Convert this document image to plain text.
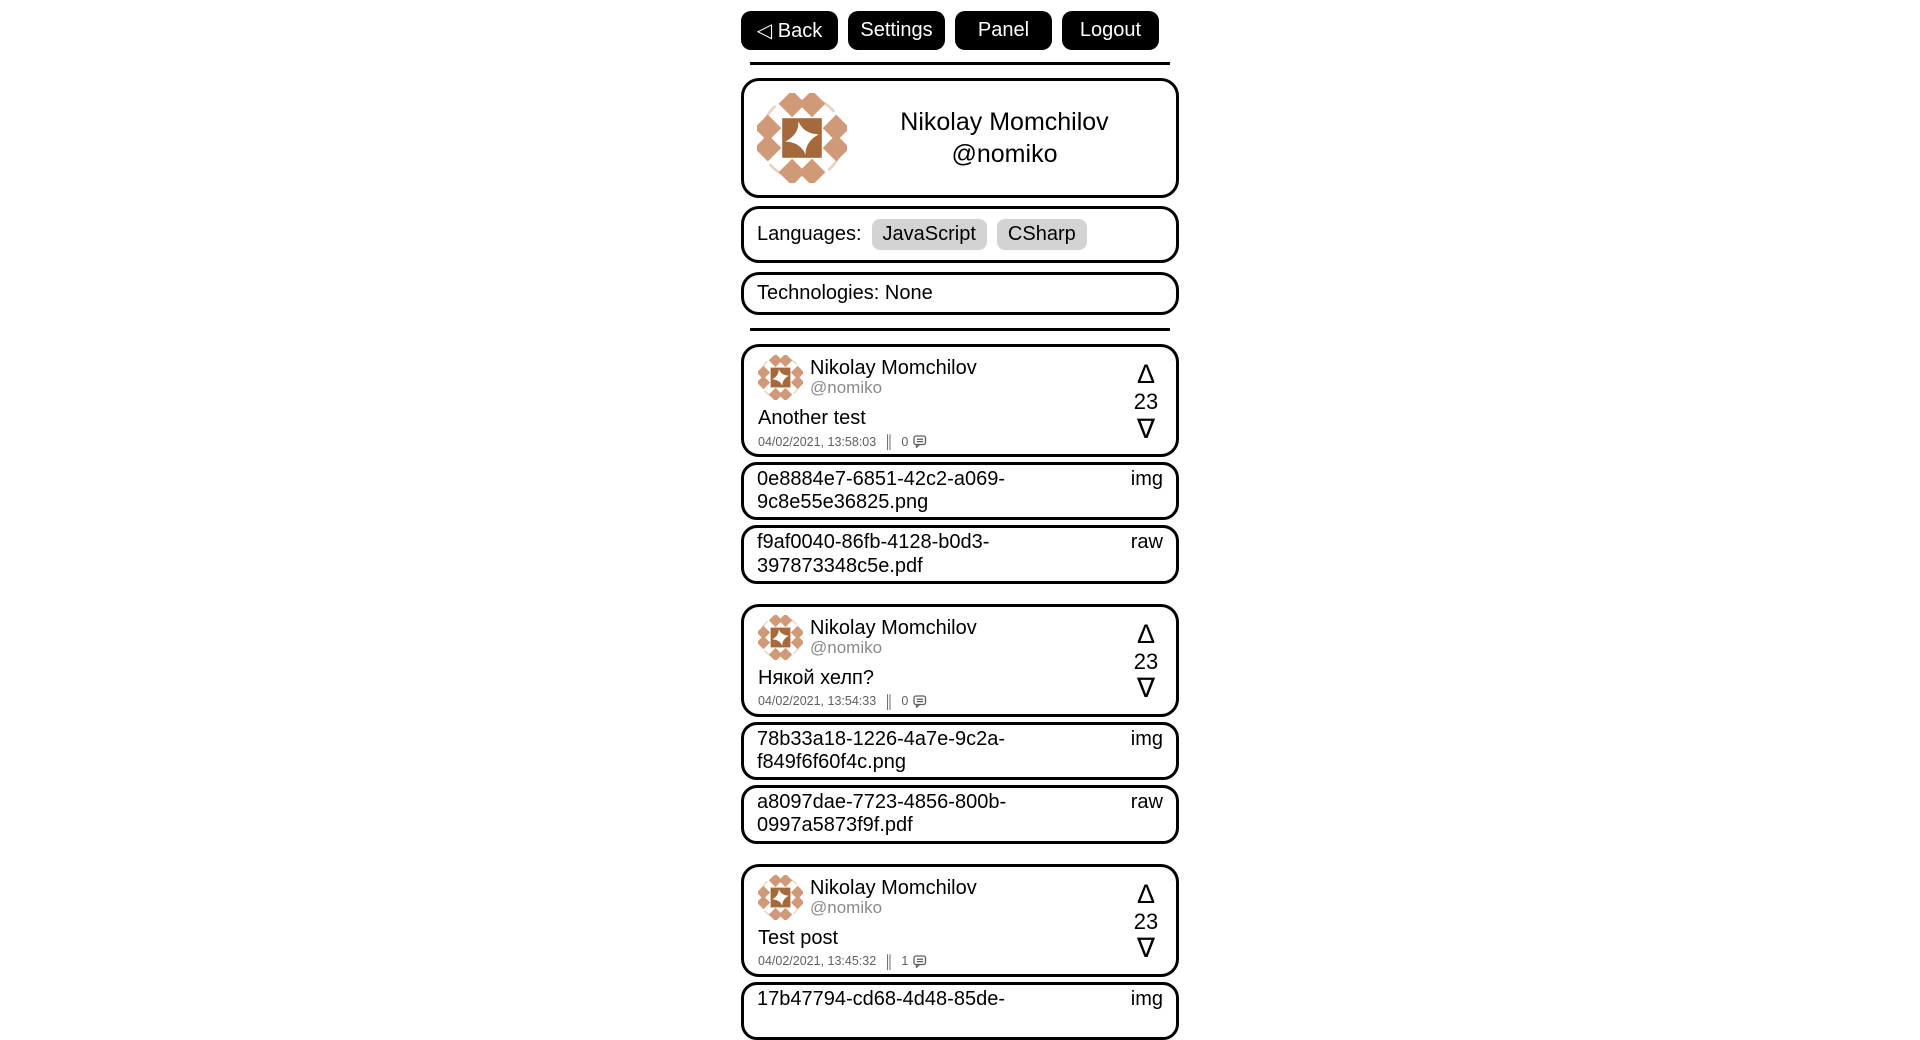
◁ Back	Settings	Panel	Logout
Nikolay Momchilov
@nomiko
Languages:	JavaScript	CSharp
Technologies:
None
Nikolay Momchilov
@nomiko
Another test
04/02/2021, 13:58:03 ║ 0
Δ
23
∇
0e8884e7-6851-42c2-a069-9c8e55e36825.png
img
f9af0040-86fb-4128-b0d3-397873348c5e.pdf
raw
Nikolay Momchilov
@nomiko
Някой хелп?
04/02/2021, 13:54:33 ║ 0
Δ
23
∇
78b33a18-1226-4a7e-9c2a-f849f6f60f4c.png
img
a8097dae-7723-4856-800b-0997a5873f9f.pdf
raw
Nikolay Momchilov
@nomiko
Test post
04/02/2021, 13:45:32 ║ 1
Δ
23
∇
17b47794-cd68-4d48-85de-	img
